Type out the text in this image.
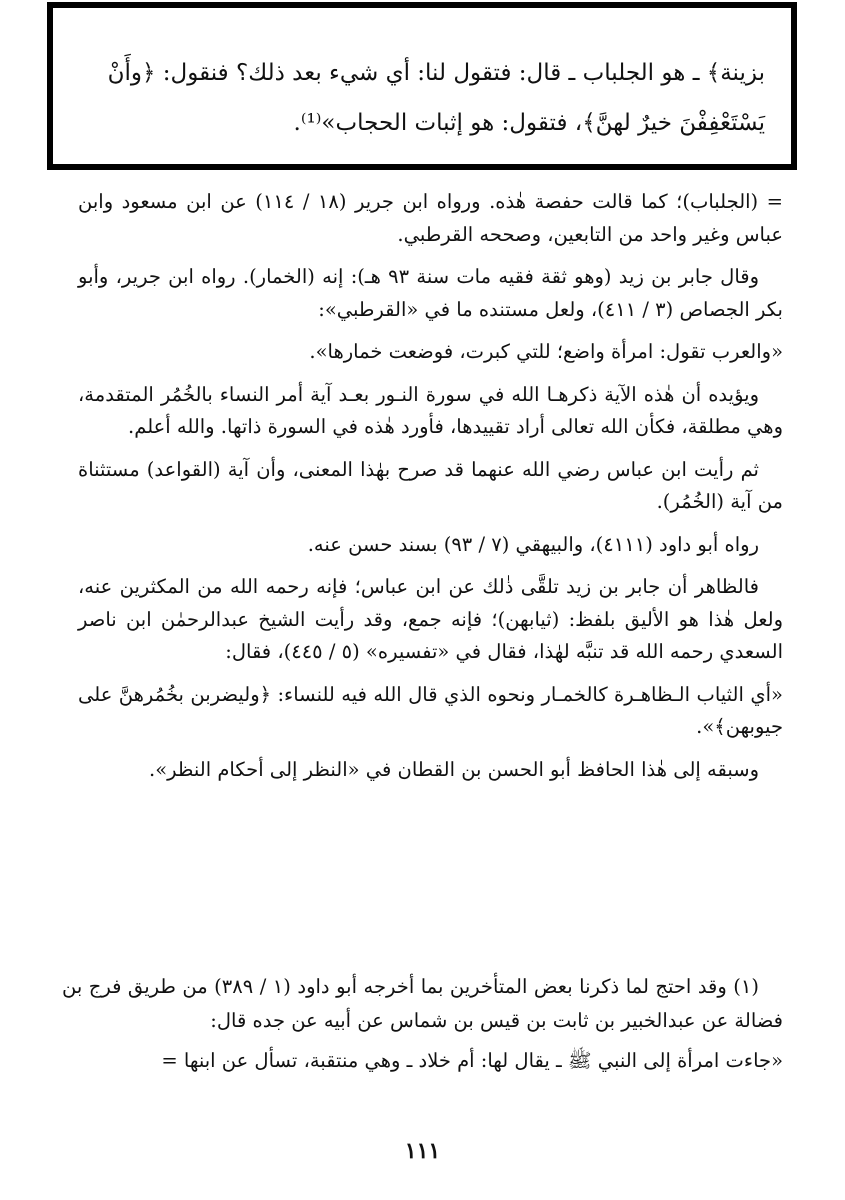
بزينة﴾ ـ هو الجلباب ـ قال: فتقول لنا: أي شيء بعد ذلك؟ فنقول: ﴿وأَنْ
يَسْتَعْفِفْنَ خيرٌ لهنَّ﴾، فتقول: هو إثبات الحجاب»⁽¹⁾.

= (الجلباب)؛ كما قالت حفصة هٰذه. ورواه ابن جرير (١٨ / ١١٤) عن ابن مسعود وابن عباس وغير واحد من التابعين، وصححه القرطبي.

وقال جابر بن زيد (وهو ثقة فقيه مات سنة ٩٣ هـ): إنه (الخمار). رواه ابن جرير، وأبو بكر الجصاص (٣ / ٤١١)، ولعل مستنده ما في «القرطبي»:

«والعرب تقول: امرأة واضع؛ للتي كبرت، فوضعت خمارها».

ويؤيده أن هٰذه الآية ذكرهـا الله في سورة النـور بعـد آية أمر النساء بالخُمُر المتقدمة، وهي مطلقة، فكأن الله تعالى أراد تقييدها، فأورد هٰذه في السورة ذاتها. والله أعلم.

ثم رأيت ابن عباس رضي الله عنهما قد صرح بهٰذا المعنى، وأن آية (القواعد) مستثناة من آية (الخُمُر).

رواه أبو داود (٤١١١)، والبيهقي (٧ / ٩٣) بسند حسن عنه.

فالظاهر أن جابر بن زيد تلقَّى ذٰلك عن ابن عباس؛ فإنه رحمه الله من المكثرين عنه، ولعل هٰذا هو الأليق بلفظ: (ثيابهن)؛ فإنه جمع، وقد رأيت الشيخ عبدالرحمٰن ابن ناصر السعدي رحمه الله قد تنبَّه لهٰذا، فقال في «تفسيره» (٥ / ٤٤٥)، فقال:

«أي الثياب الـظاهـرة كالخمـار ونحوه الذي قال الله فيه للنساء: ﴿وليضربن بخُمُرهنَّ على جيوبهن﴾».

وسبقه إلى هٰذا الحافظ أبو الحسن بن القطان في «النظر إلى أحكام النظر».

(١) وقد احتج لما ذكرنا بعض المتأخرين بما أخرجه أبو داود (١ / ٣٨٩) من طريق فرج بن فضالة عن عبدالخبير بن ثابت بن قيس بن شماس عن أبيه عن جده قال:

«جاءت امرأة إلى النبي ﷺ ـ يقال لها: أم خلاد ـ وهي منتقبة، تسأل عن ابنها =

١١١
